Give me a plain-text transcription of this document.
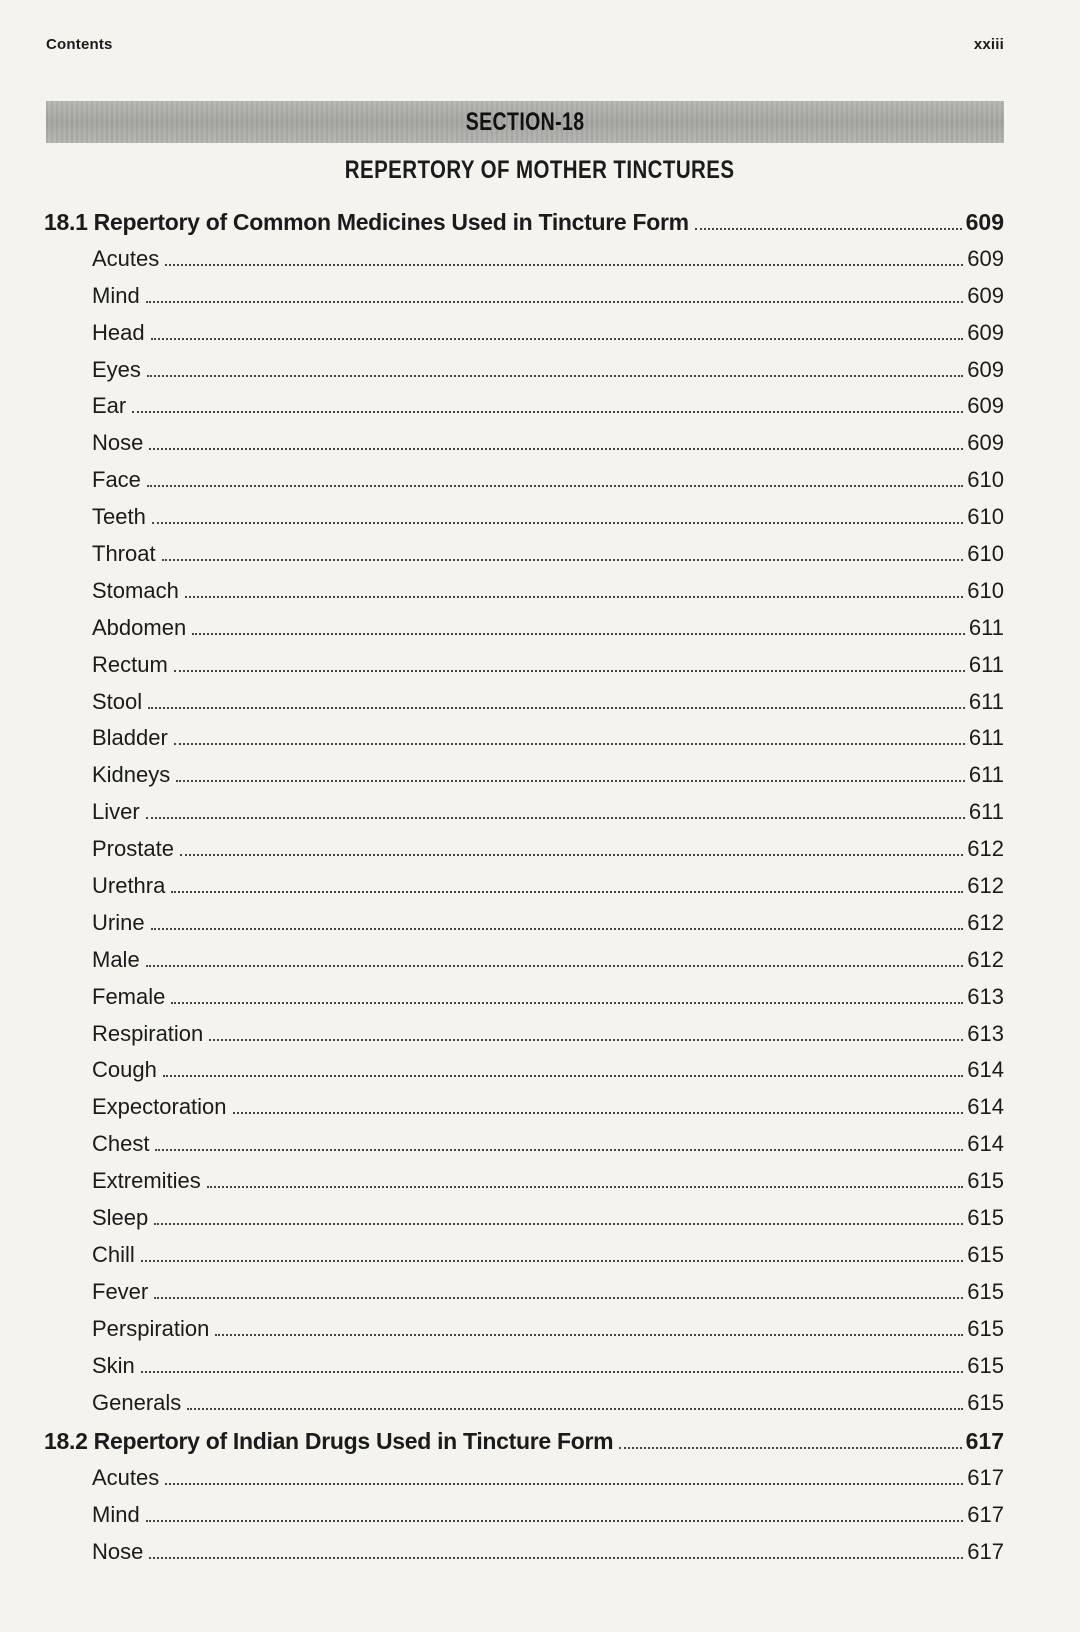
Contents	xxiii
SECTION-18
REPERTORY OF MOTHER TINCTURES
18.1 Repertory of Common Medicines Used in Tincture Form	609
Acutes	609
Mind	609
Head	609
Eyes	609
Ear	609
Nose	609
Face	610
Teeth	610
Throat	610
Stomach	610
Abdomen	611
Rectum	611
Stool	611
Bladder	611
Kidneys	611
Liver	611
Prostate	612
Urethra	612
Urine	612
Male	612
Female	613
Respiration	613
Cough	614
Expectoration	614
Chest	614
Extremities	615
Sleep	615
Chill	615
Fever	615
Perspiration	615
Skin	615
Generals	615
18.2 Repertory of Indian Drugs Used in Tincture Form	617
Acutes	617
Mind	617
Nose	617
